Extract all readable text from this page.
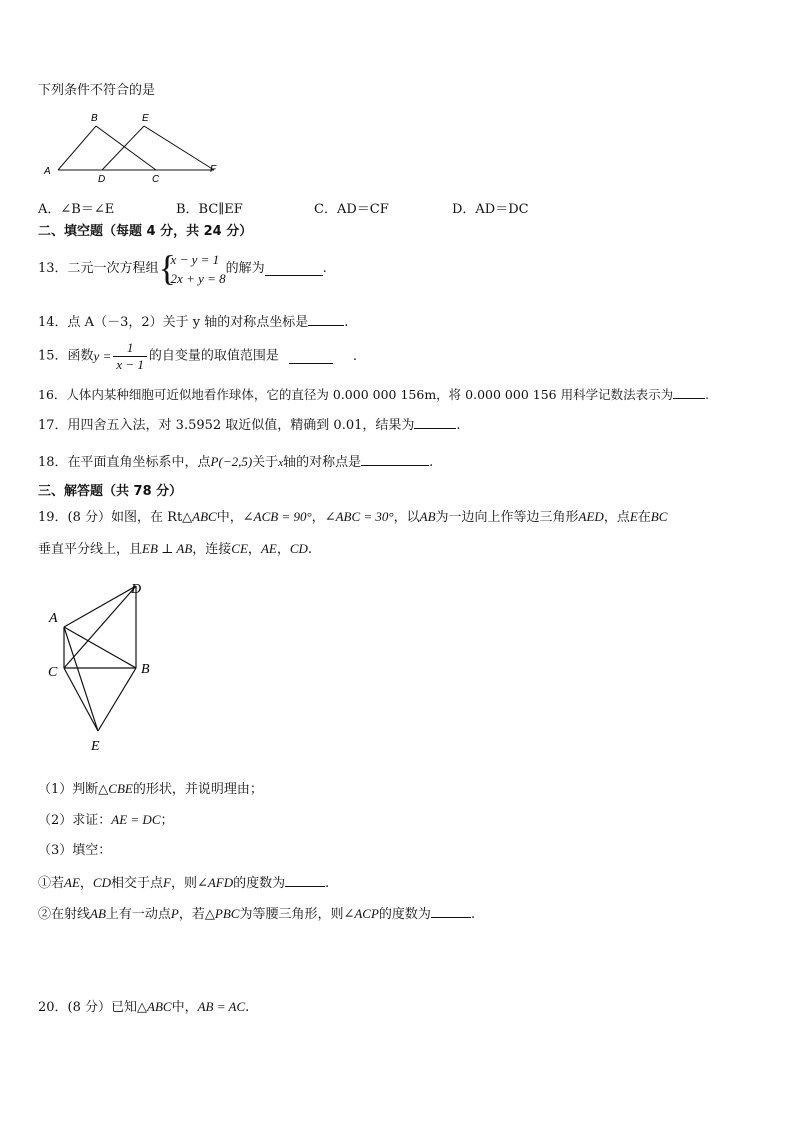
下列条件不符合的是
A
B	E
D	C
F
A．∠B＝∠E	B．BC∥EF	C．AD＝CF	D．AD＝DC
二、填空题（每题 4 分，共 24 分）
13．二元一次方程组 {
x − y = 1
2x + y = 8
的解为	.
14．点 A（－3，2）关于 y 轴的对称点坐标是	.
15．函数$y = \frac{1}{x - 1}$ 的自变量的取值范围是	.
16．人体内某种细胞可近似地看作球体，它的直径为 0.000 000 156m，将 0.000 000 156 用科学记数法表示为	.
17．用四舍五入法，对 3.5952 取近似值，精确到 0.01，结果为	.
18．在平面直角坐标系中，点P(−2,5)关于x轴的对称点是	.
三、解答题（共 78 分）
19．(8 分）如图，在 Rt△ABC中，∠ACB = 90°，∠ABC = 30°，以AB为一边向上作等边三角形AED，点E在BC
垂直平分线上，且EB ⊥ AB，连接CE，AE，CD.
D
A
C	B
E
（1）判断△CBE的形状，并说明理由；
（2）求证：AE = DC；
（3）填空：
①若AE，CD相交于点F，则∠AFD的度数为	.
②在射线AB上有一动点P，若△PBC为等腰三角形，则∠ACP的度数为	.
20．(8 分）已知△ABC中，AB = AC.
